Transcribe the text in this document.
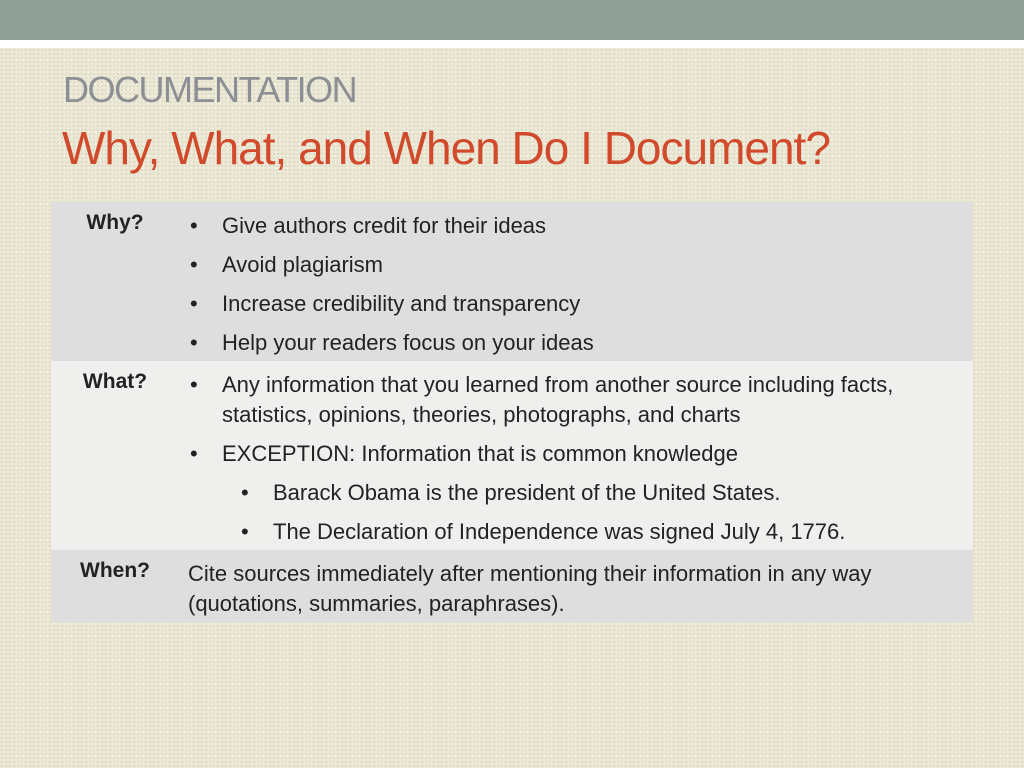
DOCUMENTATION
Why, What, and When Do I Document?
Why?	• Give authors credit for their ideas
• Avoid plagiarism
• Increase credibility and transparency
• Help your readers focus on your ideas
What?	• Any information that you learned from another source including facts, statistics, opinions, theories, photographs, and charts
• EXCEPTION: Information that is common knowledge
• Barack Obama is the president of the United States.
• The Declaration of Independence was signed July 4, 1776.
When?	Cite sources immediately after mentioning their information in any way (quotations, summaries, paraphrases).
